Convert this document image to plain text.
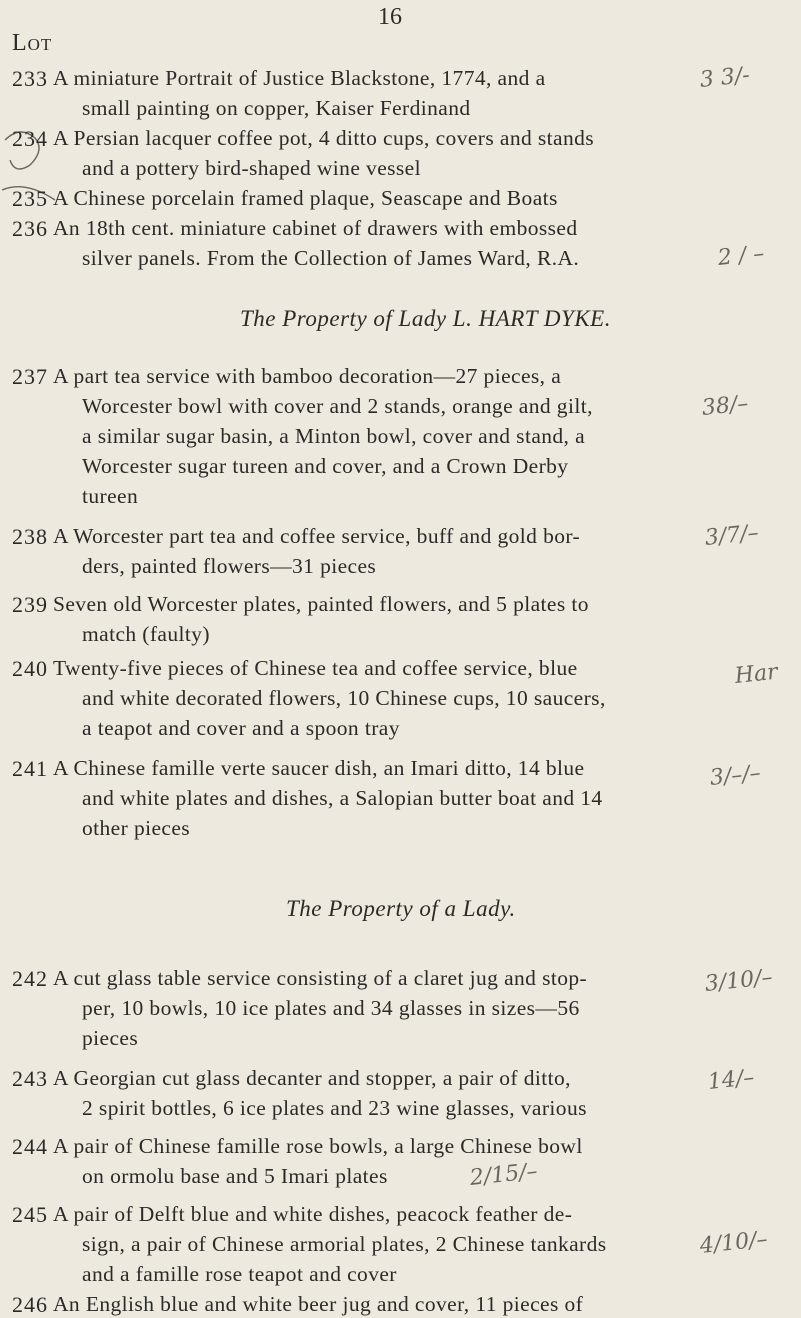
16
Lot
233 A miniature Portrait of Justice Blackstone, 1774, and a
small painting on copper, Kaiser Ferdinand
3 3/-
234 A Persian lacquer coffee pot, 4 ditto cups, covers and stands
and a pottery bird-shaped wine vessel
235 A Chinese porcelain framed plaque, Seascape and Boats
236 An 18th cent. miniature cabinet of drawers with embossed
silver panels. From the Collection of James Ward, R.A.	2 / –
The Property of Lady L. HART DYKE.
237 A part tea service with bamboo decoration—27 pieces, a
Worcester bowl with cover and 2 stands, orange and gilt,
a similar sugar basin, a Minton bowl, cover and stand, a
Worcester sugar tureen and cover, and a Crown Derby
tureen
38/–
238 A Worcester part tea and coffee service, buff and gold bor-
ders, painted flowers—31 pieces
3/7/–
239 Seven old Worcester plates, painted flowers, and 5 plates to
match (faulty)
240 Twenty-five pieces of Chinese tea and coffee service, blue
and white decorated flowers, 10 Chinese cups, 10 saucers,
a teapot and cover and a spoon tray
Har
241 A Chinese famille verte saucer dish, an Imari ditto, 14 blue
and white plates and dishes, a Salopian butter boat and 14
other pieces
3/–/–
The Property of a Lady.
242 A cut glass table service consisting of a claret jug and stop-
per, 10 bowls, 10 ice plates and 34 glasses in sizes—56
pieces
3/10/–
243 A Georgian cut glass decanter and stopper, a pair of ditto,
2 spirit bottles, 6 ice plates and 23 wine glasses, various
14/–
244 A pair of Chinese famille rose bowls, a large Chinese bowl
on ormolu base and 5 Imari plates	2/15/–
245 A pair of Delft blue and white dishes, peacock feather de-
sign, a pair of Chinese armorial plates, 2 Chinese tankards
and a famille rose teapot and cover
4/10/–
246 An English blue and white beer jug and cover, 11 pieces of
